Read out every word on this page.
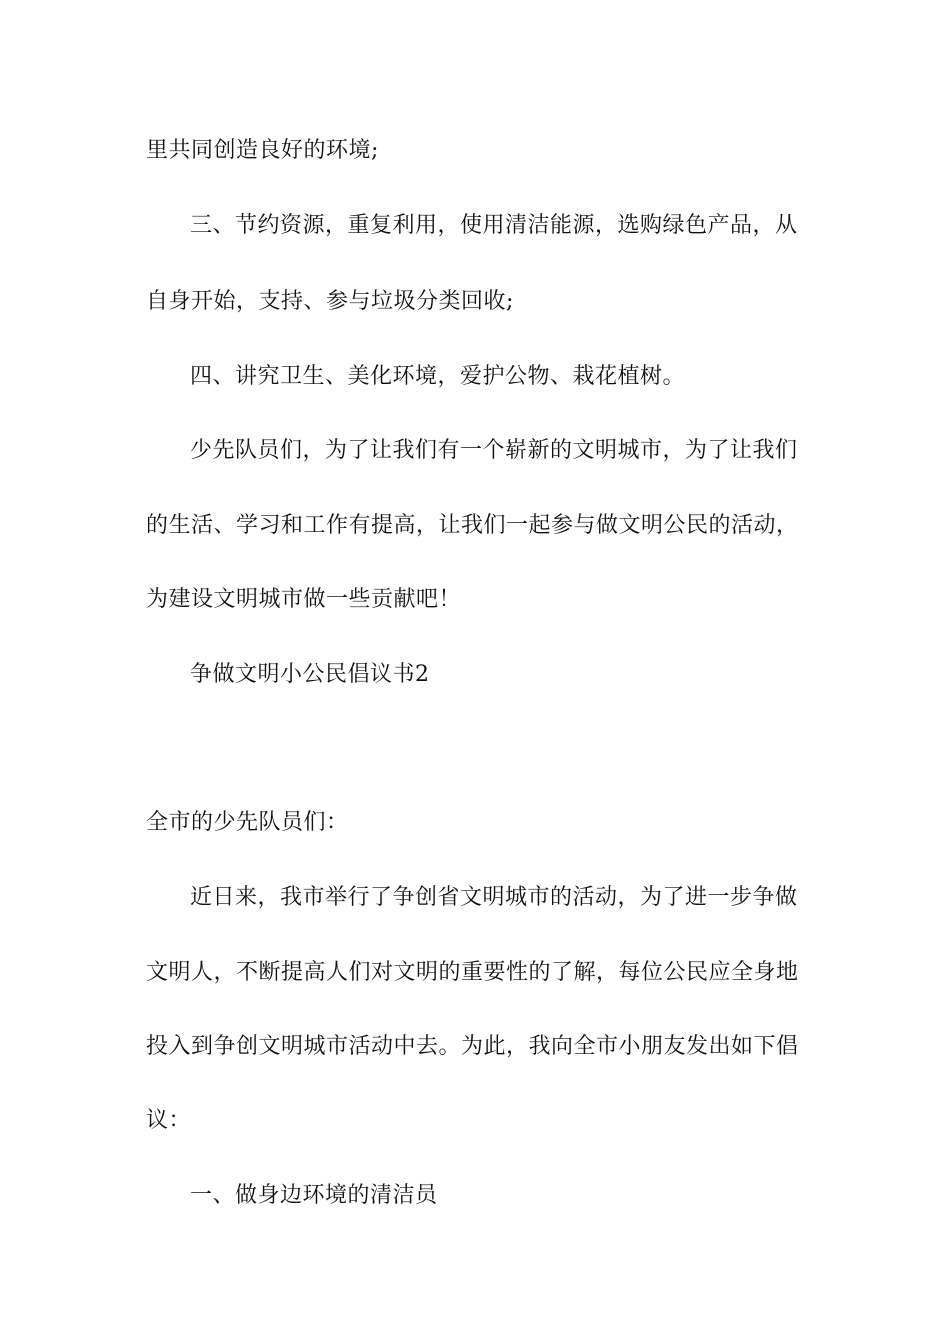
里共同创造良好的环境;
三、节约资源，重复利用，使用清洁能源，选购绿色产品，从
自身开始，支持、参与垃圾分类回收;
四、讲究卫生、美化环境，爱护公物、栽花植树。
少先队员们，为了让我们有一个崭新的文明城市，为了让我们
的生活、学习和工作有提高，让我们一起参与做文明公民的活动，
为建设文明城市做一些贡献吧！
争做文明小公民倡议书2
全市的少先队员们：
近日来，我市举行了争创省文明城市的活动，为了进一步争做
文明人，不断提高人们对文明的重要性的了解，每位公民应全身地
投入到争创文明城市活动中去。为此，我向全市小朋友发出如下倡
议：
一、做身边环境的清洁员
